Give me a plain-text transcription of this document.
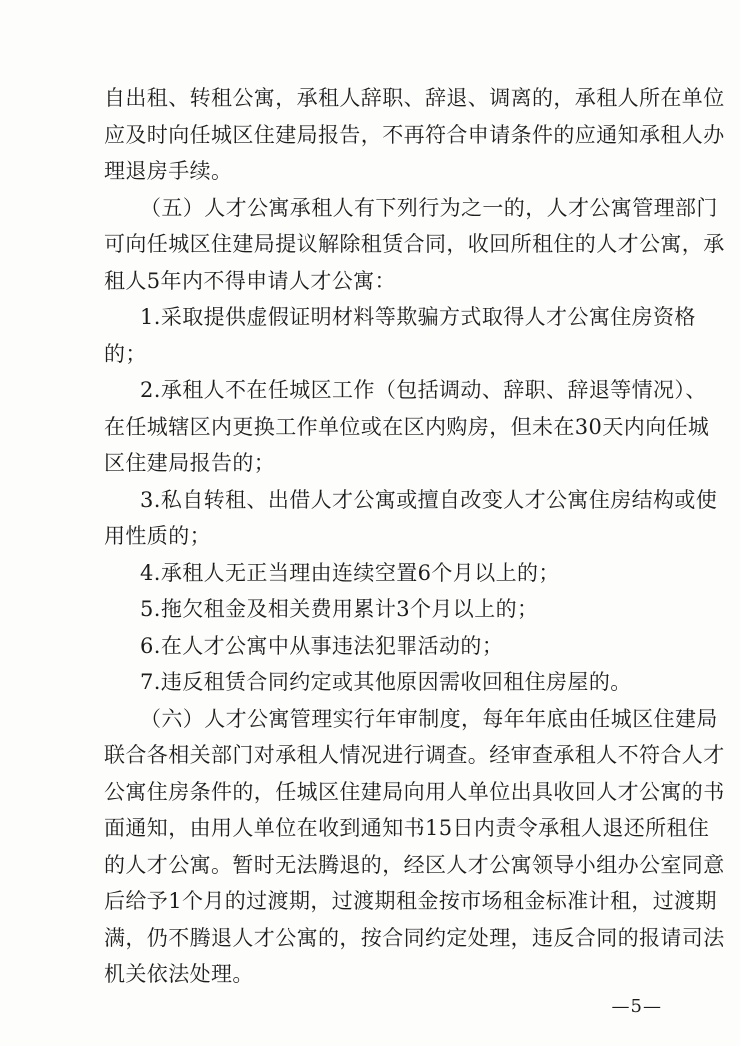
自出租、转租公寓，承租人辞职、辞退、调离的，承租人所在单位
应及时向任城区住建局报告，不再符合申请条件的应通知承租人办
理退房手续。
（五）人才公寓承租人有下列行为之一的，人才公寓管理部门
可向任城区住建局提议解除租赁合同，收回所租住的人才公寓，承
租人5年内不得申请人才公寓：
1.采取提供虚假证明材料等欺骗方式取得人才公寓住房资格
的；
2.承租人不在任城区工作（包括调动、辞职、辞退等情况）、
在任城辖区内更换工作单位或在区内购房，但未在30天内向任城
区住建局报告的；
3.私自转租、出借人才公寓或擅自改变人才公寓住房结构或使
用性质的；
4.承租人无正当理由连续空置6个月以上的；
5.拖欠租金及相关费用累计3个月以上的；
6.在人才公寓中从事违法犯罪活动的；
7.违反租赁合同约定或其他原因需收回租住房屋的。
（六）人才公寓管理实行年审制度，每年年底由任城区住建局
联合各相关部门对承租人情况进行调查。经审查承租人不符合人才
公寓住房条件的，任城区住建局向用人单位出具收回人才公寓的书
面通知，由用人单位在收到通知书15日内责令承租人退还所租住
的人才公寓。暂时无法腾退的，经区人才公寓领导小组办公室同意
后给予1个月的过渡期，过渡期租金按市场租金标准计租，过渡期
满，仍不腾退人才公寓的，按合同约定处理，违反合同的报请司法
机关依法处理。
—5—
